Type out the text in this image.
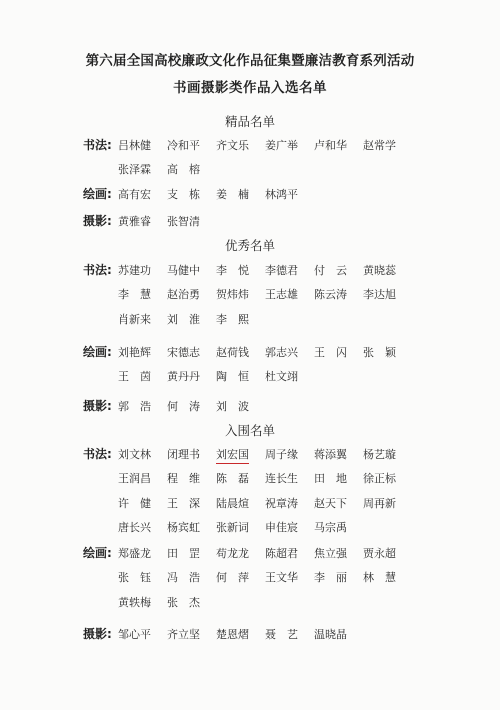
第六届全国高校廉政文化作品征集暨廉洁教育系列活动
书画摄影类作品入选名单
精品名单
书法: 吕林健 冷和平 齐文乐 姜广举 卢和华 赵常学
张泽霖 高　榕
绘画: 高有宏 支　栋 姜　楠 林鸿平
摄影: 黄雅睿 张智清
优秀名单
书法: 苏建功 马健中 李　悦 李德君 付　云 黄晓蕊
李　慧 赵治勇 贺炜炜 王志雄 陈云涛 李达旭
肖新来 刘　淮 李　熙
绘画: 刘艳辉 宋德志 赵荷钱 郭志兴 王　闪 张　颖
王　茵 黄丹丹 陶　恒 杜文翊
摄影: 郭　浩 何　涛 刘　波
入围名单
书法: 刘文林 闭理书 刘宏国 周子缘 蒋添翼 杨艺璇
王润昌 程　维 陈　磊 连长生 田　地 徐正标
许　健 王　深 陆晨煊 祝章涛 赵天下 周再新
唐长兴 杨宾虹 张新词 申佳宸 马宗禹
绘画: 郑盛龙 田　罡 苟龙龙 陈超君 焦立强 贾永超
张　钰 冯　浩 何　萍 王文华 李　丽 林　慧
黄轶梅 张　杰
摄影: 邹心平 齐立坚 楚恩熠 聂　艺 温晓晶
